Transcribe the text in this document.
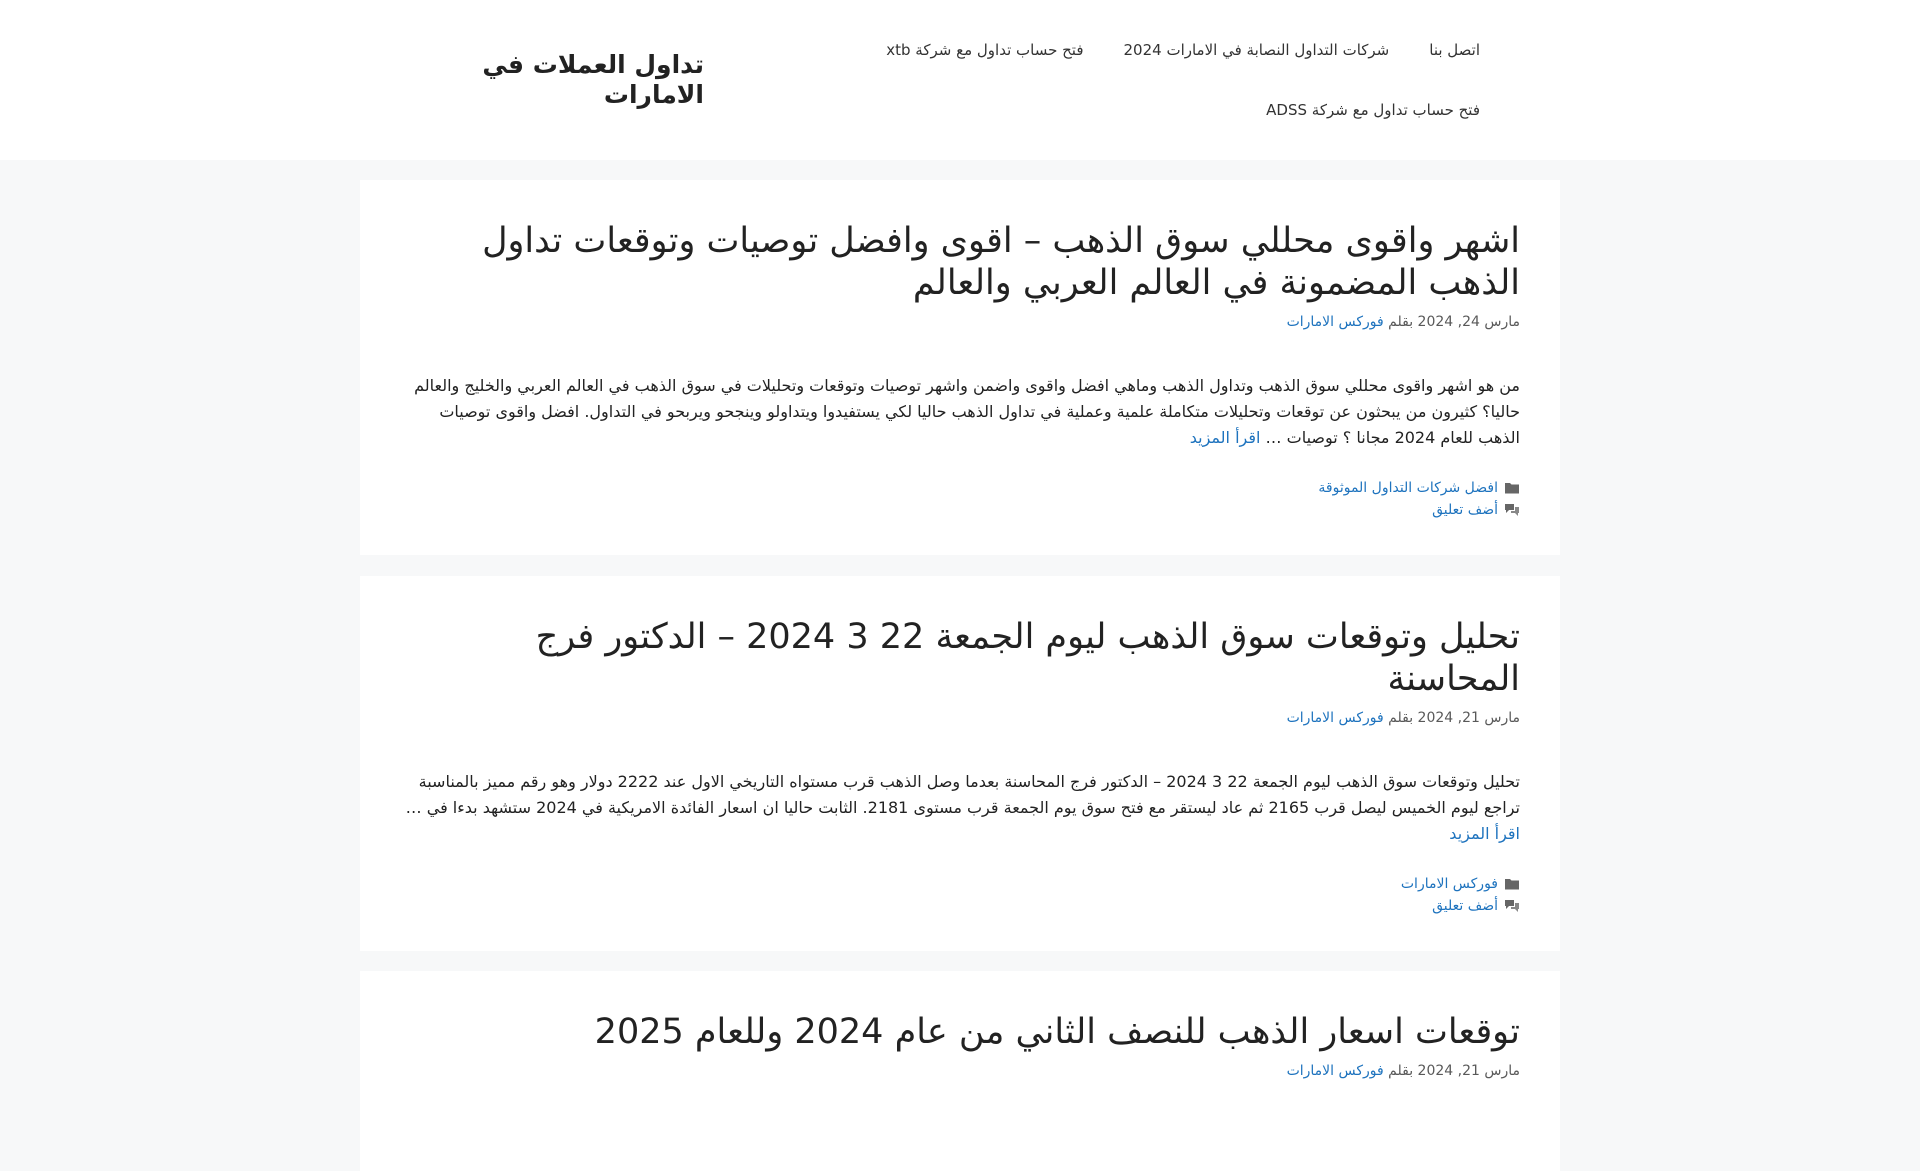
تداول العملات في الامارات
اتصل بنا
شركات التداول النصابة في الامارات 2024
فتح حساب تداول مع شركة xtb
فتح حساب تداول مع شركة ADSS
اشهر واقوى محللي سوق الذهب – اقوى وافضل توصيات وتوقعات تداول الذهب المضمونة في العالم العربي والعالم
مارس 24, 2024 بقلم فوركس الامارات
من هو اشهر واقوى محللي سوق الذهب وتداول الذهب وماهي افضل واقوى واضمن واشهر توصيات وتوقعات وتحليلات في سوق الذهب في العالم العربي والخليج والعالم حاليا؟ كثيرون من يبحثون عن توقعات وتحليلات متكاملة علمية وعملية في تداول الذهب حاليا لكي يستفيدوا ويتداولو وينجحو ويربحو في التداول. افضل واقوى توصيات الذهب للعام 2024 مجانا ؟ توصيات … اقرأ المزيد
افضل شركات التداول الموثوقة
أضف تعليق
تحليل وتوقعات سوق الذهب ليوم الجمعة 22 3 2024 – الدكتور فرج المحاسنة
مارس 21, 2024 بقلم فوركس الامارات
تحليل وتوقعات سوق الذهب ليوم الجمعة 22 3 2024 – الدكتور فرج المحاسنة بعدما وصل الذهب قرب مستواه التاريخي الاول عند 2222 دولار وهو رقم مميز بالمناسبة تراجع ليوم الخميس ليصل قرب 2165 ثم عاد ليستقر مع فتح سوق يوم الجمعة قرب مستوى 2181. الثابت حاليا ان اسعار الفائدة الامريكية في 2024 ستشهد بدءا في … اقرأ المزيد
فوركس الامارات
أضف تعليق
توقعات اسعار الذهب للنصف الثاني من عام 2024 وللعام 2025
مارس 21, 2024 بقلم فوركس الامارات
